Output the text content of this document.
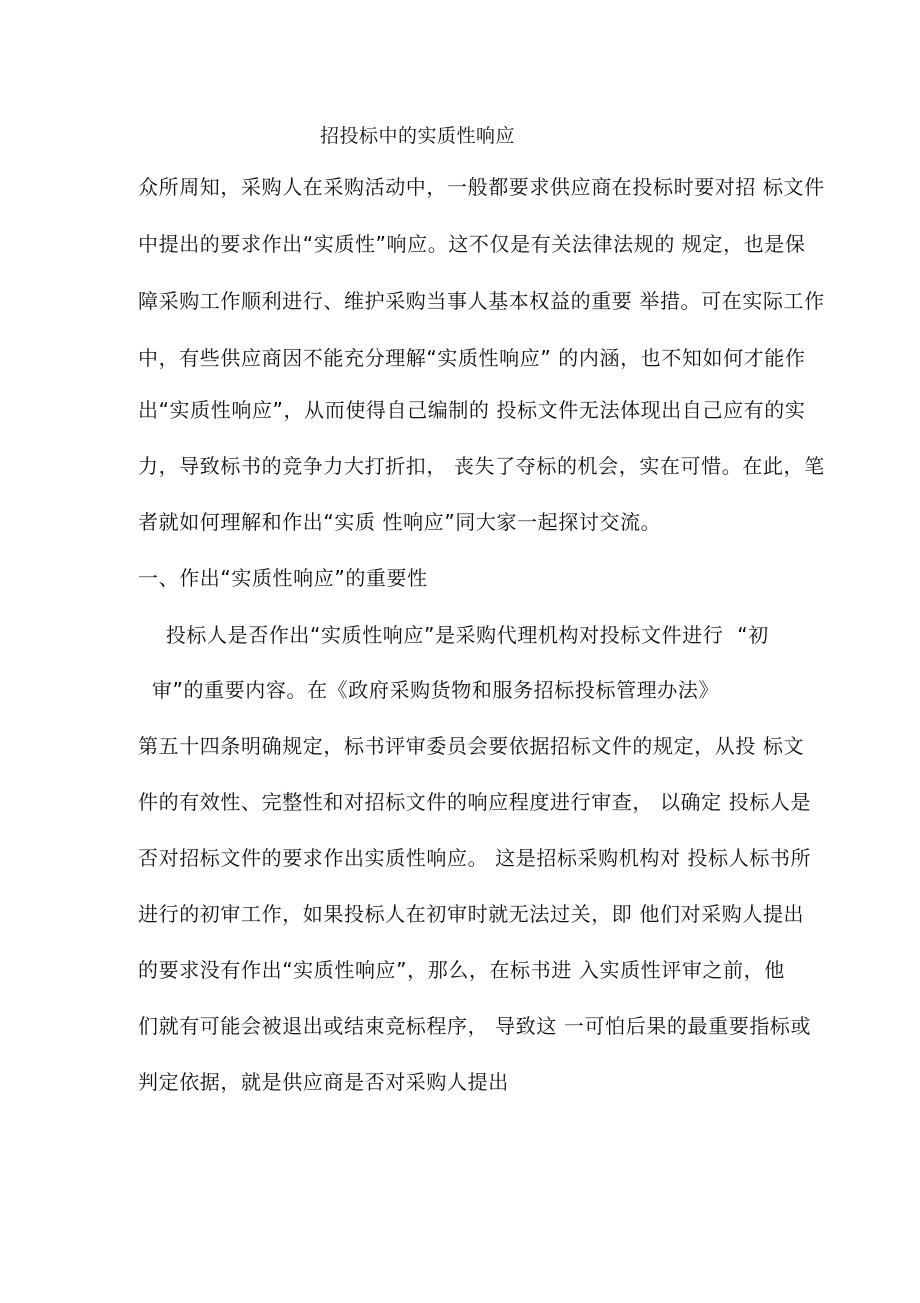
招投标中的实质性响应
众所周知，采购人在采购活动中，一般都要求供应商在投标时要对招 标文件
中提出的要求作出“实质性”响应。这不仅是有关法律法规的 规定，也是保
障采购工作顺利进行、维护采购当事人基本权益的重要 举措。可在实际工作
中，有些供应商因不能充分理解“实质性响应” 的内涵，也不知如何才能作
出“实质性响应”，从而使得自己编制的 投标文件无法体现出自己应有的实
力，导致标书的竞争力大打折扣， 丧失了夺标的机会，实在可惜。在此，笔
者就如何理解和作出“实质 性响应”同大家一起探讨交流。
一、作出“实质性响应”的重要性
投标人是否作出“实质性响应”是采购代理机构对投标文件进行  “初
审”的重要内容。在《政府采购货物和服务招标投标管理办法》
第五十四条明确规定，标书评审委员会要依据招标文件的规定，从投 标文
件的有效性、完整性和对招标文件的响应程度进行审查， 以确定 投标人是
否对招标文件的要求作出实质性响应。 这是招标采购机构对 投标人标书所
进行的初审工作，如果投标人在初审时就无法过关，即 他们对采购人提出
的要求没有作出“实质性响应”，那么，在标书进 入实质性评审之前，他
们就有可能会被退出或结束竞标程序， 导致这 一可怕后果的最重要指标或
判定依据，就是供应商是否对采购人提出
